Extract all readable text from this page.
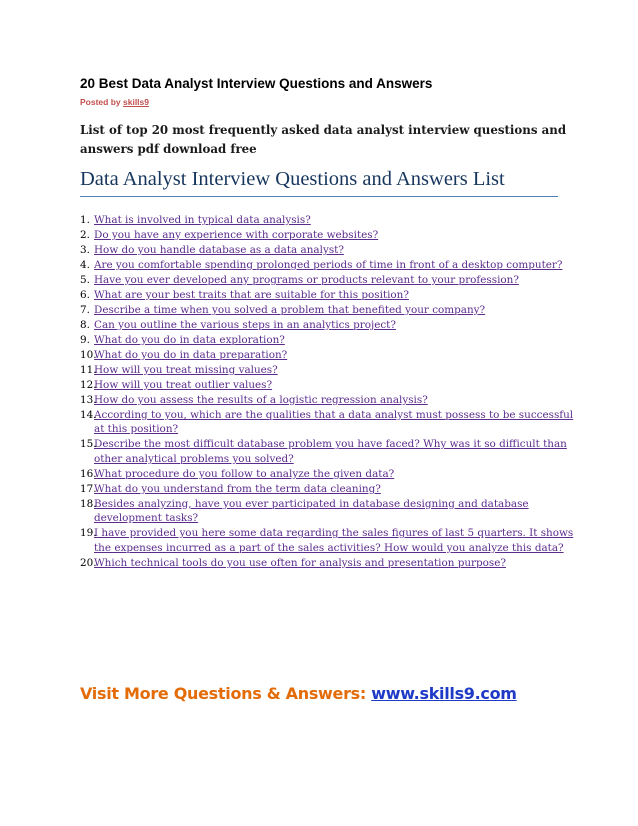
20 Best Data Analyst Interview Questions and Answers
Posted by skills9
List of top 20 most frequently asked data analyst interview questions and answers pdf download free
Data Analyst Interview Questions and Answers List
1. What is involved in typical data analysis?
2. Do you have any experience with corporate websites?
3. How do you handle database as a data analyst?
4. Are you comfortable spending prolonged periods of time in front of a desktop computer?
5. Have you ever developed any programs or products relevant to your profession?
6. What are your best traits that are suitable for this position?
7. Describe a time when you solved a problem that benefited your company?
8. Can you outline the various steps in an analytics project?
9. What do you do in data exploration?
10.
What do you do in data preparation?
11.
How will you treat missing values?
12.
How will you treat outlier values?
13.
How do you assess the results of a logistic regression analysis?
14.
According to you, which are the qualities that a data analyst must possess to be successful at this position?
15.
Describe the most difficult database problem you have faced? Why was it so difficult than other analytical problems you solved?
16.
What procedure do you follow to analyze the given data?
17.
What do you understand from the term data cleaning?
18.
Besides analyzing, have you ever participated in database designing and database development tasks?
19.
I have provided you here some data regarding the sales figures of last 5 quarters. It shows the expenses incurred as a part of the sales activities? How would you analyze this data?
20.
Which technical tools do you use often for analysis and presentation purpose?
Visit More Questions & Answers: www.skills9.com
